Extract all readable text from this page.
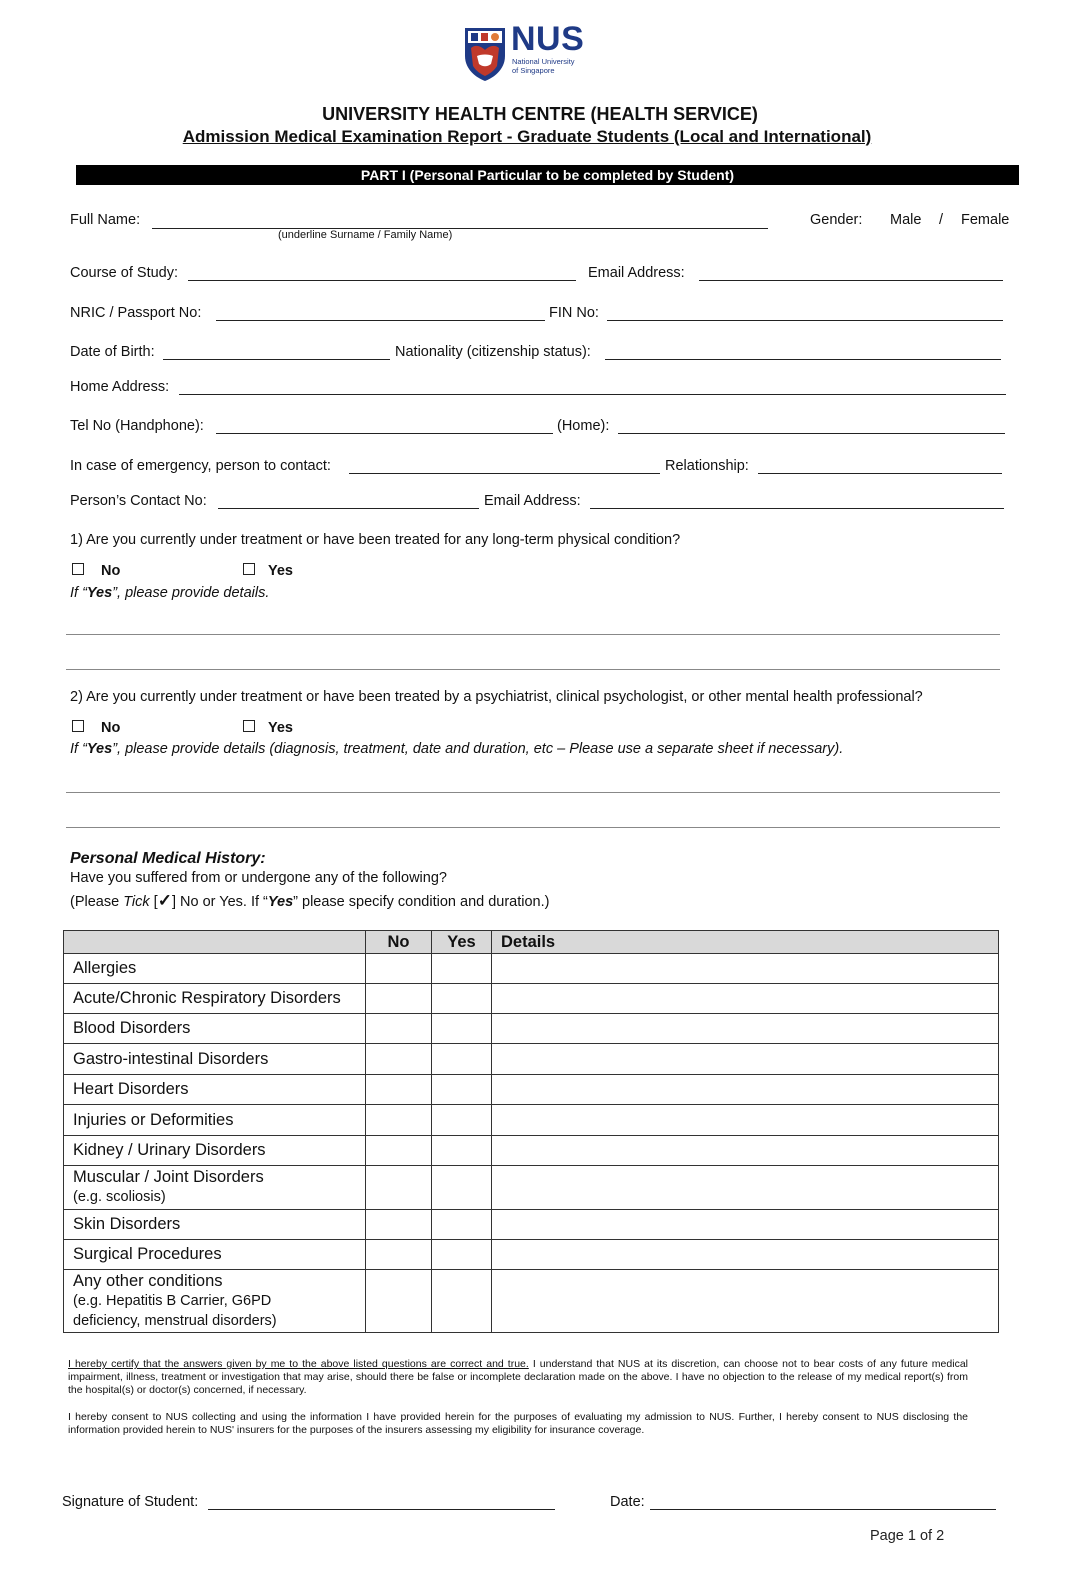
NUS
National University
of Singapore
UNIVERSITY HEALTH CENTRE (HEALTH SERVICE)
Admission Medical Examination Report - Graduate Students (Local and International)
PART I (Personal Particular to be completed by Student)
Full Name:
(underline Surname / Family Name)
Gender: Male / Female
Course of Study:	Email Address:
NRIC / Passport No:	FIN No:
Date of Birth:	Nationality (citizenship status):
Home Address:
Tel No (Handphone):	(Home):
In case of emergency, person to contact:	Relationship:
Person’s Contact No:	Email Address:
1) Are you currently under treatment or have been treated for any long-term physical condition?
No	Yes
If “Yes”, please provide details.
2) Are you currently under treatment or have been treated by a psychiatrist, clinical psychologist, or other mental health professional?
No	Yes
If “Yes”, please provide details (diagnosis, treatment, date and duration, etc – Please use a separate sheet if necessary).
Personal Medical History:
Have you suffered from or undergone any of the following?
(Please Tick [✓] No or Yes. If “Yes” please specify condition and duration.)
	No	Yes	Details
Allergies			
Acute/Chronic Respiratory Disorders			
Blood Disorders			
Gastro-intestinal Disorders			
Heart Disorders			
Injuries or Deformities			
Kidney / Urinary Disorders			
Muscular / Joint Disorders
(e.g. scoliosis)			

Skin Disorders			
Surgical Procedures			
Any other conditions
(e.g. Hepatitis B Carrier, G6PD deficiency, menstrual disorders)			

I hereby certify that the answers given by me to the above listed questions are correct and true. I understand that NUS at its discretion, can choose not to bear costs of any future medical impairment, illness, treatment or investigation that may arise, should there be false or incomplete declaration made on the above. I have no objection to the release of my medical report(s) from the hospital(s) or doctor(s) concerned, if necessary.
I hereby consent to NUS collecting and using the information I have provided herein for the purposes of evaluating my admission to NUS. Further, I hereby consent to NUS disclosing the information provided herein to NUS' insurers for the purposes of the insurers assessing my eligibility for insurance coverage.
Signature of Student:	Date:
Page 1 of 2
